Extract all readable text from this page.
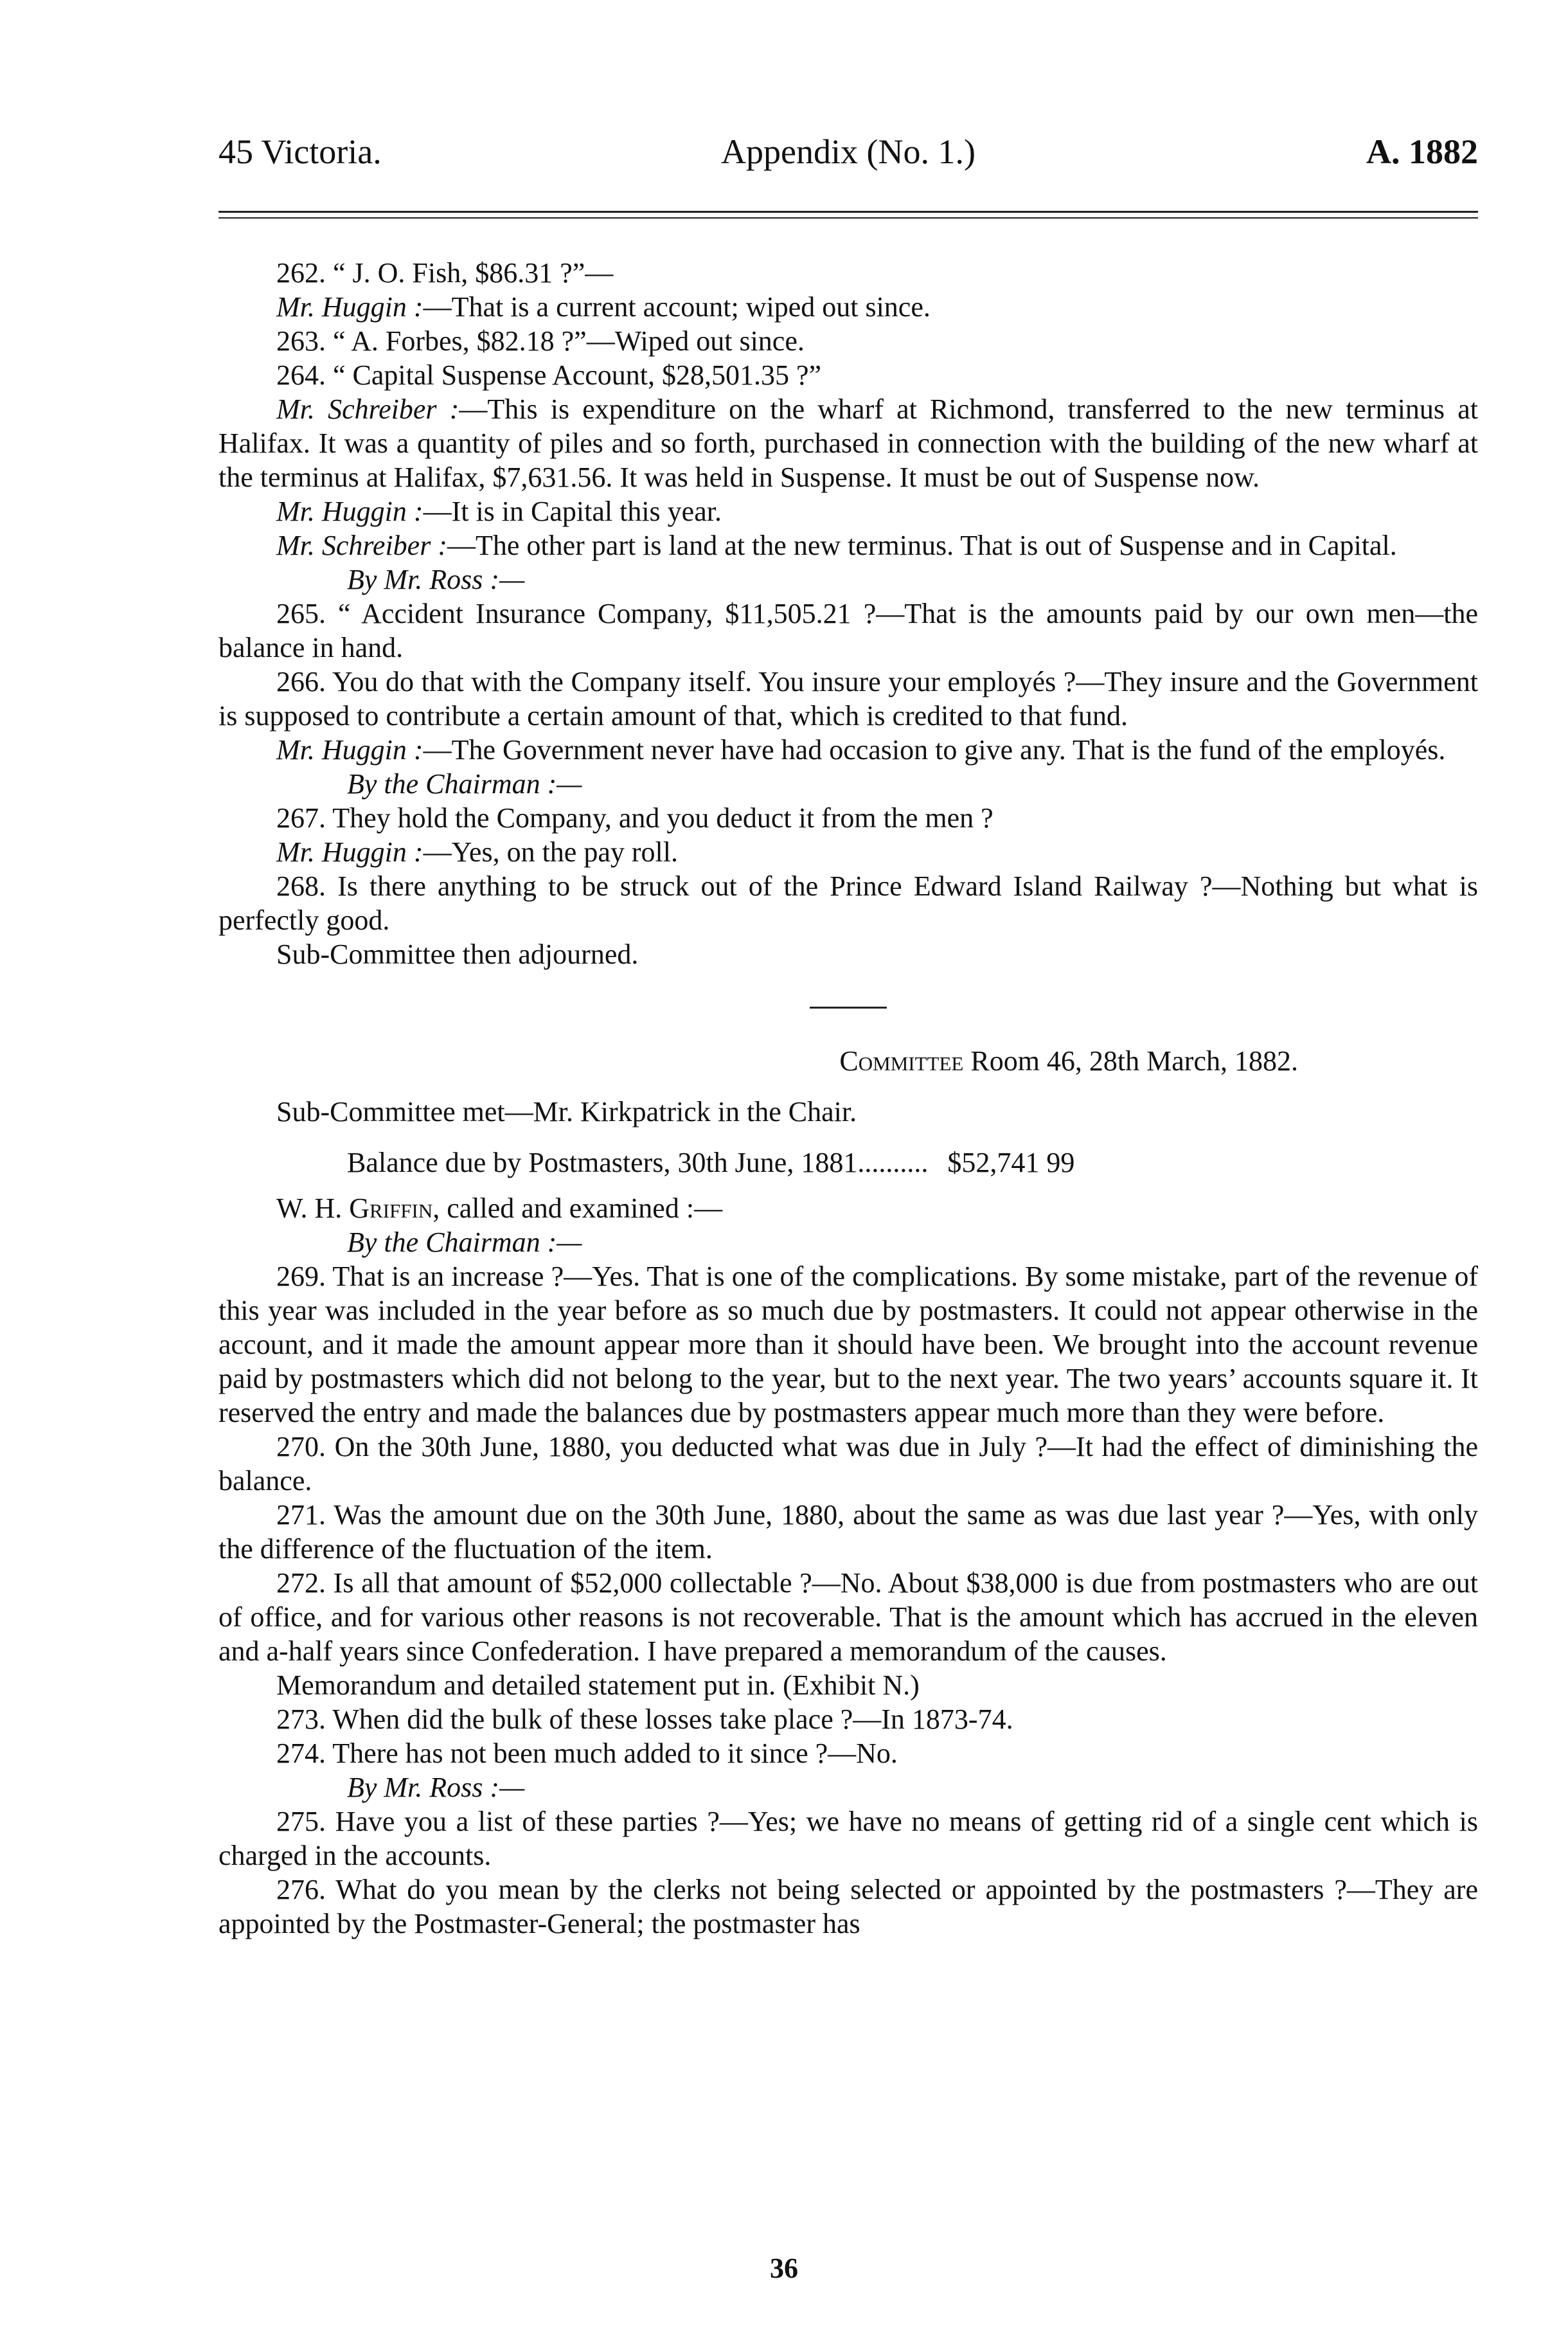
45 Victoria.	Appendix (No. 1.)	A. 1882

262. “ J. O. Fish, $86.31 ?”—

Mr. Huggin :—That is a current account; wiped out since.

263. “ A. Forbes, $82.18 ?”—Wiped out since.

264. “ Capital Suspense Account, $28,501.35 ?”

Mr. Schreiber :—This is expenditure on the wharf at Richmond, transferred to the new terminus at Halifax. It was a quantity of piles and so forth, purchased in connection with the building of the new wharf at the terminus at Halifax, $7,631.56. It was held in Suspense. It must be out of Suspense now.

Mr. Huggin :—It is in Capital this year.

Mr. Schreiber :—The other part is land at the new terminus. That is out of Suspense and in Capital.

By Mr. Ross :—

265. “ Accident Insurance Company, $11,505.21 ?—That is the amounts paid by our own men—the balance in hand.

266. You do that with the Company itself. You insure your employés ?—They insure and the Government is supposed to contribute a certain amount of that, which is credited to that fund.

Mr. Huggin :—The Government never have had occasion to give any. That is the fund of the employés.

By the Chairman :—

267. They hold the Company, and you deduct it from the men ?

Mr. Huggin :—Yes, on the pay roll.

268. Is there anything to be struck out of the Prince Edward Island Railway ?—Nothing but what is perfectly good.

Sub-Committee then adjourned.

Committee Room 46, 28th March, 1882.

Sub-Committee met—Mr. Kirkpatrick in the Chair.

Balance due by Postmasters, 30th June, 1881.......... $52,741 99

W. H. Griffin, called and examined :—

By the Chairman :—

269. That is an increase ?—Yes. That is one of the complications. By some mistake, part of the revenue of this year was included in the year before as so much due by postmasters. It could not appear otherwise in the account, and it made the amount appear more than it should have been. We brought into the account revenue paid by postmasters which did not belong to the year, but to the next year. The two years’ accounts square it. It reserved the entry and made the balances due by postmasters appear much more than they were before.

270. On the 30th June, 1880, you deducted what was due in July ?—It had the effect of diminishing the balance.

271. Was the amount due on the 30th June, 1880, about the same as was due last year ?—Yes, with only the difference of the fluctuation of the item.

272. Is all that amount of $52,000 collectable ?—No. About $38,000 is due from postmasters who are out of office, and for various other reasons is not recoverable. That is the amount which has accrued in the eleven and a-half years since Confederation. I have prepared a memorandum of the causes.

Memorandum and detailed statement put in. (Exhibit N.)

273. When did the bulk of these losses take place ?—In 1873-74.

274. There has not been much added to it since ?—No.

By Mr. Ross :—

275. Have you a list of these parties ?—Yes; we have no means of getting rid of a single cent which is charged in the accounts.

276. What do you mean by the clerks not being selected or appointed by the postmasters ?—They are appointed by the Postmaster-General; the postmaster has

36
